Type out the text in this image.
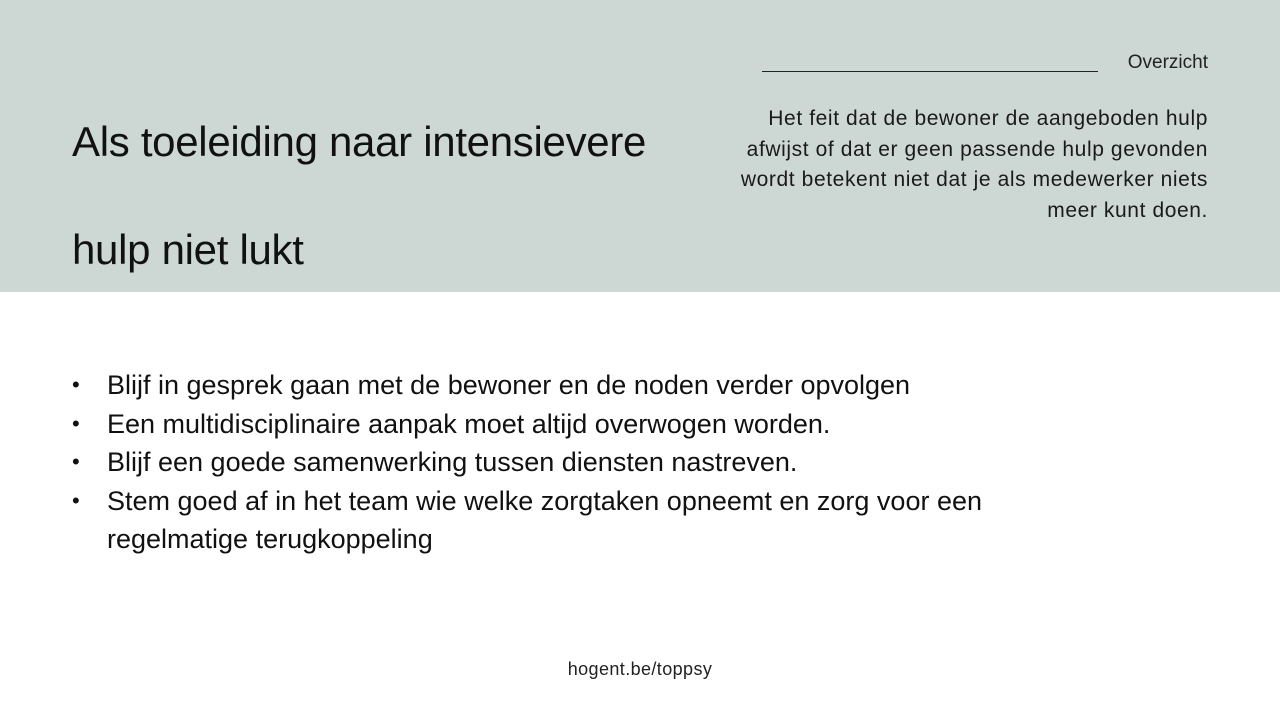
Als toeleiding naar intensievere
hulp niet lukt
Overzicht

Het feit dat de bewoner de aangeboden hulp afwijst of dat er geen passende hulp gevonden wordt betekent niet dat je als medewerker niets meer kunt doen.

•	Blijf in gesprek gaan met de bewoner en de noden verder opvolgen
•	Een multidisciplinaire aanpak moet altijd overwogen worden.
•	Blijf een goede samenwerking tussen diensten nastreven.
•	Stem goed af in het team wie welke zorgtaken opneemt en zorg voor een regelmatige terugkoppeling
hogent.be/toppsy
